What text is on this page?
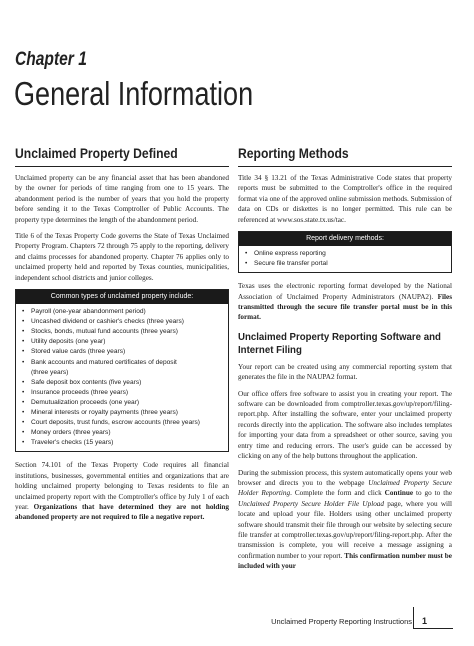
Chapter 1
General Information
Unclaimed Property Defined

Unclaimed property can be any financial asset that has been abandoned by the owner for periods of time ranging from one to 15 years. The abandonment period is the number of years that you hold the property before sending it to the Texas Comptroller of Public Accounts. The property type determines the length of the abandonment period.

Title 6 of the Texas Property Code governs the State of Texas Unclaimed Property Program. Chapters 72 through 75 apply to the reporting, delivery and claims processes for abandoned property. Chapter 76 applies only to unclaimed property held and reported by Texas counties, municipalities, independent school districts and junior colleges.

Common types of unclaimed property include:
• Payroll (one-year abandonment period)
• Uncashed dividend or cashier's checks (three years)
• Stocks, bonds, mutual fund accounts (three years)
• Utility deposits (one year)
• Stored value cards (three years)
• Bank accounts and matured certificates of deposit
(three years)
• Safe deposit box contents (five years)
• Insurance proceeds (three years)
• Demutualization proceeds (one year)
• Mineral interests or royalty payments (three years)
• Court deposits, trust funds, escrow accounts (three years)
• Money orders (three years)
• Traveler's checks (15 years)

Section 74.101 of the Texas Property Code requires all financial institutions, businesses, governmental entities and organizations that are holding unclaimed property belonging to Texas residents to file an unclaimed property report with the Comptroller's office by July 1 of each year. Organizations that have determined they are not holding abandoned property are not required to file a negative report.

Reporting Methods

Title 34 § 13.21 of the Texas Administrative Code states that property reports must be submitted to the Comptroller's office in the required format via one of the approved online submission methods. Submission of data on CDs or diskettes is no longer permitted. This rule can be referenced at www.sos.state.tx.us/tac.

Report delivery methods:
• Online express reporting
• Secure file transfer portal

Texas uses the electronic reporting format developed by the National Association of Unclaimed Property Administrators (NAUPA2). Files transmitted through the secure file transfer portal must be in this format.

Unclaimed Property Reporting Software and Internet Filing

Your report can be created using any commercial reporting system that generates the file in the NAUPA2 format.

Our office offers free software to assist you in creating your report. The software can be downloaded from comptroller.texas.gov/up/report/filing-report.php. After installing the software, enter your unclaimed property records directly into the application. The software also includes templates for importing your data from a spreadsheet or other source, saving you entry time and reducing errors. The user's guide can be accessed by clicking on any of the help buttons throughout the application.

During the submission process, this system automatically opens your web browser and directs you to the webpage Unclaimed Property Secure Holder Reporting. Complete the form and click Continue to go to the Unclaimed Property Secure Holder File Upload page, where you will locate and upload your file. Holders using other unclaimed property software should transmit their file through our website by selecting secure file transfer at comptroller.texas.gov/up/report/filing-report.php. After the transmission is complete, you will receive a message assigning a confirmation number to your report. This confirmation number must be included with your

Unclaimed Property Reporting Instructions 1
